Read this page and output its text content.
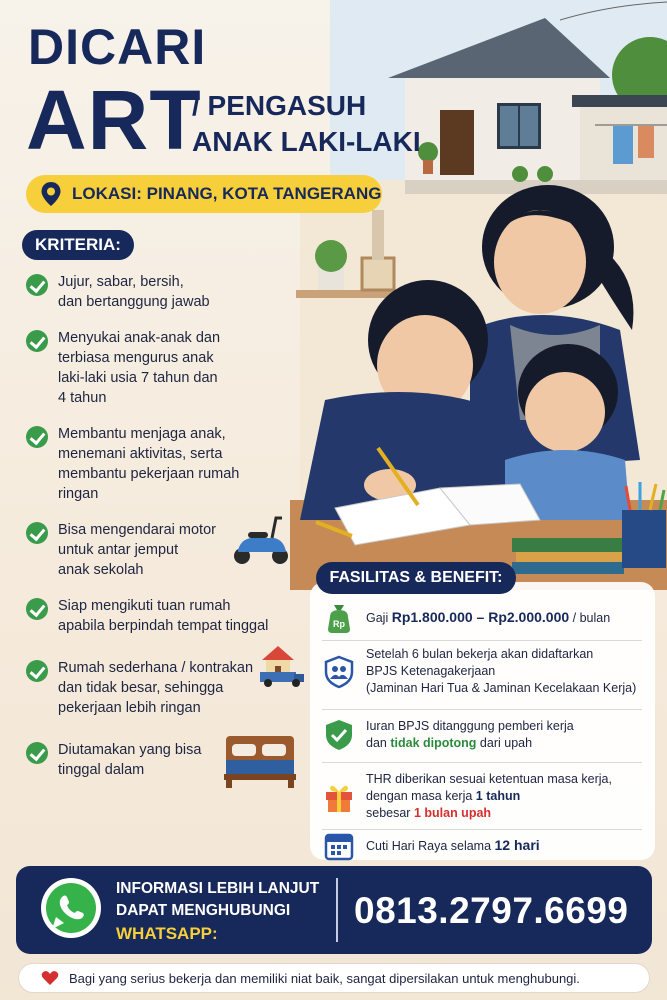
DICARI
ART
/ PENGASUH
ANAK LAKI-LAKI
LOKASI: PINANG, KOTA TANGERANG
KRITERIA:
Jujur, sabar, bersih,
dan bertanggung jawab
Menyukai anak-anak dan
terbiasa mengurus anak
laki-laki usia 7 tahun dan
4 tahun
Membantu menjaga anak,
menemani aktivitas, serta
membantu pekerjaan rumah
ringan
Bisa mengendarai motor
untuk antar jemput
anak sekolah
Siap mengikuti tuan rumah
apabila berpindah tempat tinggal
Rumah sederhana / kontrakan
dan tidak besar, sehingga
pekerjaan lebih ringan
Diutamakan yang bisa
tinggal dalam
FASILITAS & BENEFIT:
Rp Gaji Rp1.800.000 – Rp2.000.000 / bulan
Setelah 6 bulan bekerja akan didaftarkan
BPJS Ketenagakerjaan
(Jaminan Hari Tua & Jaminan Kecelakaan Kerja)
Iuran BPJS ditanggung pemberi kerja
dan tidak dipotong dari upah
THR diberikan sesuai ketentuan masa kerja,
dengan masa kerja 1 tahun
sebesar 1 bulan upah
Cuti Hari Raya selama 12 hari
INFORMASI LEBIH LANJUT
DAPAT MENGHUBUNGI
WHATSAPP:
0813.2797.6699
Bagi yang serius bekerja dan memiliki niat baik, sangat dipersilakan untuk menghubungi.
